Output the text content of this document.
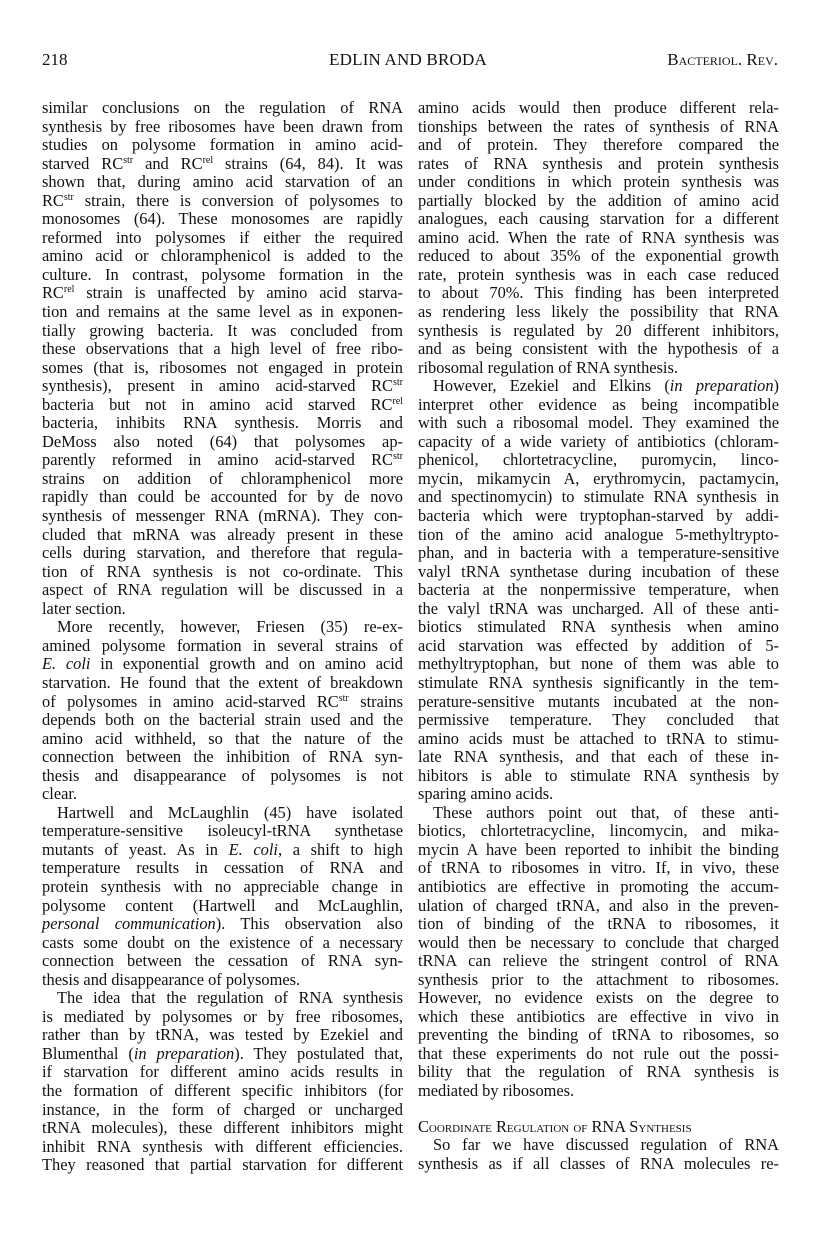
218	EDLIN AND BRODA	Bacteriol. Rev.
similar conclusions on the regulation of RNA
synthesis by free ribosomes have been drawn from
studies on polysome formation in amino acid-
starved $RC^{str}$ and $RC^{rel}$ strains (64, 84). It was
shown that, during amino acid starvation of an
$RC^{str}$ strain, there is conversion of polysomes to
monosomes (64). These monosomes are rapidly
reformed into polysomes if either the required
amino acid or chloramphenicol is added to the
culture. In contrast, polysome formation in the
$RC^{rel}$ strain is unaffected by amino acid starva-
tion and remains at the same level as in exponen-
tially growing bacteria. It was concluded from
these observations that a high level of free ribo-
somes (that is, ribosomes not engaged in protein
synthesis), present in amino acid-starved $RC^{str}$
bacteria but not in amino acid starved $RC^{rel}$
bacteria, inhibits RNA synthesis. Morris and
DeMoss also noted (64) that polysomes ap-
parently reformed in amino acid-starved $RC^{str}$
strains on addition of chloramphenicol more
rapidly than could be accounted for by de novo
synthesis of messenger RNA (mRNA). They con-
cluded that mRNA was already present in these
cells during starvation, and therefore that regula-
tion of RNA synthesis is not co-ordinate. This
aspect of RNA regulation will be discussed in a
later section.
More recently, however, Friesen (35) re-ex-
amined polysome formation in several strains of
E. coli in exponential growth and on amino acid
starvation. He found that the extent of breakdown
of polysomes in amino acid-starved $RC^{str}$ strains
depends both on the bacterial strain used and the
amino acid withheld, so that the nature of the
connection between the inhibition of RNA syn-
thesis and disappearance of polysomes is not
clear.
Hartwell and McLaughlin (45) have isolated
temperature-sensitive isoleucyl-tRNA synthetase
mutants of yeast. As in E. coli, a shift to high
temperature results in cessation of RNA and
protein synthesis with no appreciable change in
polysome content (Hartwell and McLaughlin,
personal communication). This observation also
casts some doubt on the existence of a necessary
connection between the cessation of RNA syn-
thesis and disappearance of polysomes.
The idea that the regulation of RNA synthesis
is mediated by polysomes or by free ribosomes,
rather than by tRNA, was tested by Ezekiel and
Blumenthal (in preparation). They postulated that,
if starvation for different amino acids results in
the formation of different specific inhibitors (for
instance, in the form of charged or uncharged
tRNA molecules), these different inhibitors might
inhibit RNA synthesis with different efficiencies.
They reasoned that partial starvation for different
amino acids would then produce different rela-
tionships between the rates of synthesis of RNA
and of protein. They therefore compared the
rates of RNA synthesis and protein synthesis
under conditions in which protein synthesis was
partially blocked by the addition of amino acid
analogues, each causing starvation for a different
amino acid. When the rate of RNA synthesis was
reduced to about 35% of the exponential growth
rate, protein synthesis was in each case reduced
to about 70%. This finding has been interpreted
as rendering less likely the possibility that RNA
synthesis is regulated by 20 different inhibitors,
and as being consistent with the hypothesis of a
ribosomal regulation of RNA synthesis.
However, Ezekiel and Elkins (in preparation)
interpret other evidence as being incompatible
with such a ribosomal model. They examined the
capacity of a wide variety of antibiotics (chloram-
phenicol, chlortetracycline, puromycin, linco-
mycin, mikamycin A, erythromycin, pactamycin,
and spectinomycin) to stimulate RNA synthesis in
bacteria which were tryptophan-starved by addi-
tion of the amino acid analogue 5-methyltrypto-
phan, and in bacteria with a temperature-sensitive
valyl tRNA synthetase during incubation of these
bacteria at the nonpermissive temperature, when
the valyl tRNA was uncharged. All of these anti-
biotics stimulated RNA synthesis when amino
acid starvation was effected by addition of 5-
methyltryptophan, but none of them was able to
stimulate RNA synthesis significantly in the tem-
perature-sensitive mutants incubated at the non-
permissive temperature. They concluded that
amino acids must be attached to tRNA to stimu-
late RNA synthesis, and that each of these in-
hibitors is able to stimulate RNA synthesis by
sparing amino acids.
These authors point out that, of these anti-
biotics, chlortetracycline, lincomycin, and mika-
mycin A have been reported to inhibit the binding
of tRNA to ribosomes in vitro. If, in vivo, these
antibiotics are effective in promoting the accum-
ulation of charged tRNA, and also in the preven-
tion of binding of the tRNA to ribosomes, it
would then be necessary to conclude that charged
tRNA can relieve the stringent control of RNA
synthesis prior to the attachment to ribosomes.
However, no evidence exists on the degree to
which these antibiotics are effective in vivo in
preventing the binding of tRNA to ribosomes, so
that these experiments do not rule out the possi-
bility that the regulation of RNA synthesis is
mediated by ribosomes.
Coordinate Regulation of RNA Synthesis
So far we have discussed regulation of RNA
synthesis as if all classes of RNA molecules re-
